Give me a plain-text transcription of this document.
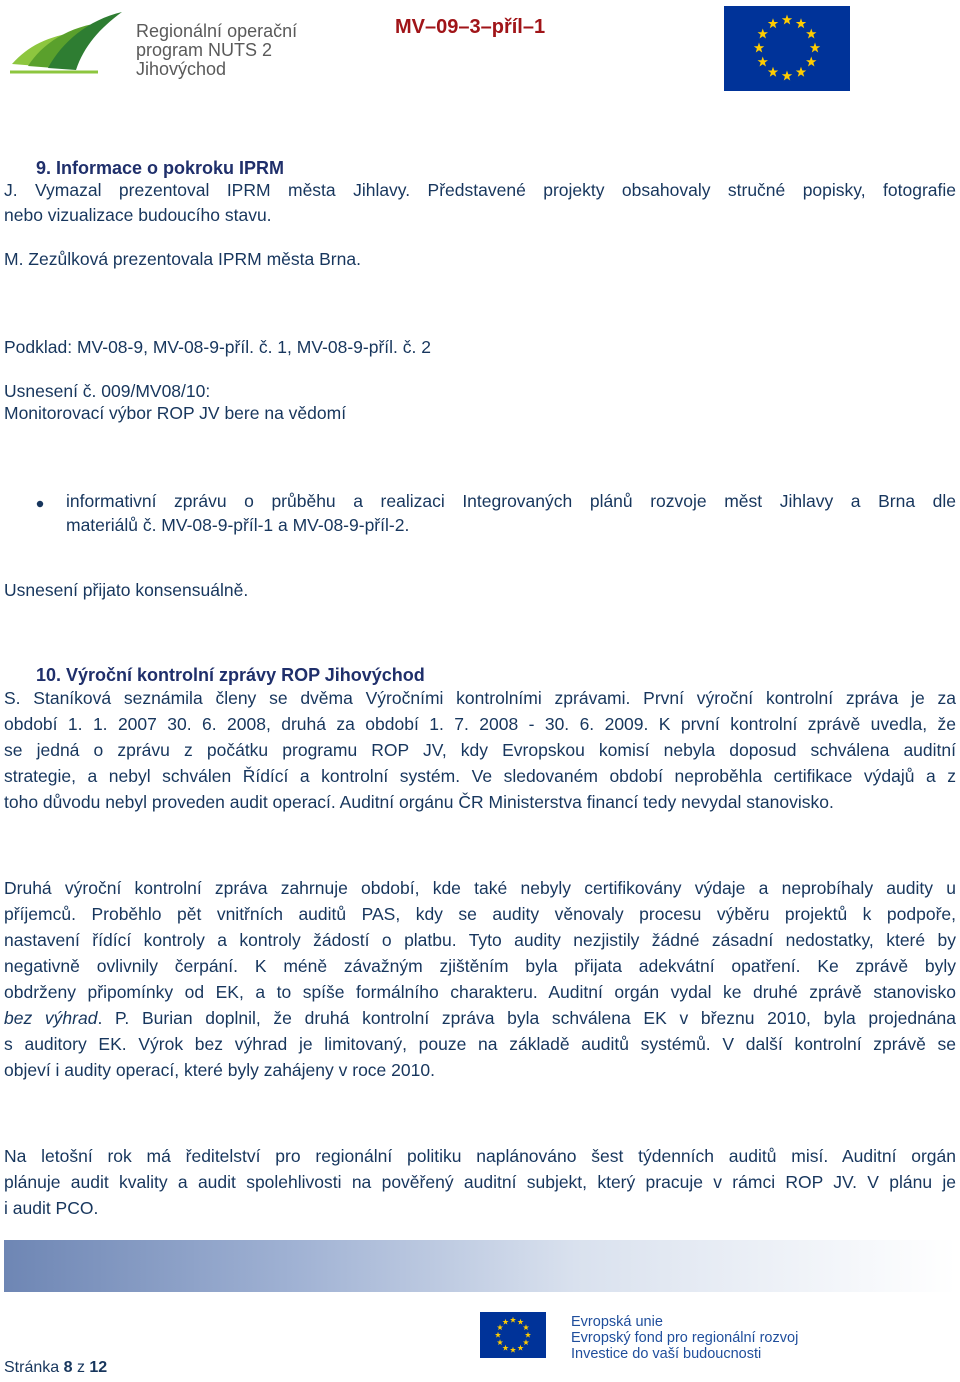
Regionální operační
program NUTS 2
Jihovýchod
MV–09–3–příl–1
9. Informace o pokroku IPRM
J. Vymazal prezentoval IPRM města Jihlavy. Představené projekty obsahovaly stručné popisky, fotografie
nebo vizualizace budoucího stavu.
M. Zezůlková prezentovala IPRM města Brna.
Podklad: MV-08-9, MV-08-9-příl. č. 1, MV-08-9-příl. č. 2
Usnesení č. 009/MV08/10:
Monitorovací výbor ROP JV bere na vědomí
informativní zprávu o průběhu a realizaci Integrovaných plánů rozvoje měst Jihlavy a Brna dle
materiálů č. MV-08-9-příl-1 a MV-08-9-příl-2.
Usnesení přijato konsensuálně.
10. Výroční kontrolní zprávy ROP Jihovýchod
S. Staníková seznámila členy se dvěma Výročními kontrolními zprávami. První výroční kontrolní zpráva je za
období 1. 1. 2007 30. 6. 2008, druhá za období 1. 7. 2008 - 30. 6. 2009. K první kontrolní zprávě uvedla, že
se jedná o zprávu z počátku programu ROP JV, kdy Evropskou komisí nebyla doposud schválena auditní
strategie, a nebyl schválen Řídící a kontrolní systém. Ve sledovaném období neproběhla certifikace výdajů a z
toho důvodu nebyl proveden audit operací. Auditní orgánu ČR Ministerstva financí tedy nevydal stanovisko.
Druhá výroční kontrolní zpráva zahrnuje období, kde také nebyly certifikovány výdaje a neprobíhaly audity u
příjemců. Proběhlo pět vnitřních auditů PAS, kdy se audity věnovaly procesu výběru projektů k podpoře,
nastavení řídící kontroly a kontroly žádostí o platbu. Tyto audity nezjistily žádné zásadní nedostatky, které by
negativně ovlivnily čerpání. K méně závažným zjištěním byla přijata adekvátní opatření. Ke zprávě byly
obdrženy připomínky od EK, a to spíše formálního charakteru. Auditní orgán vydal ke druhé zprávě stanovisko
bez výhrad. P. Burian doplnil, že druhá kontrolní zpráva byla schválena EK v březnu 2010, byla projednána
s auditory EK. Výrok bez výhrad je limitovaný, pouze na základě auditů systémů. V další kontrolní zprávě se
objeví i audity operací, které byly zahájeny v roce 2010.
Na letošní rok má ředitelství pro regionální politiku naplánováno šest týdenních auditů misí. Auditní orgán
plánuje audit kvality a audit spolehlivosti na pověřený auditní subjekt, který pracuje v rámci ROP JV. V plánu je
i audit PCO.
Evropská unie
Evropský fond pro regionální rozvoj
Investice do vaší budoucnosti
Stránka 8 z 12
